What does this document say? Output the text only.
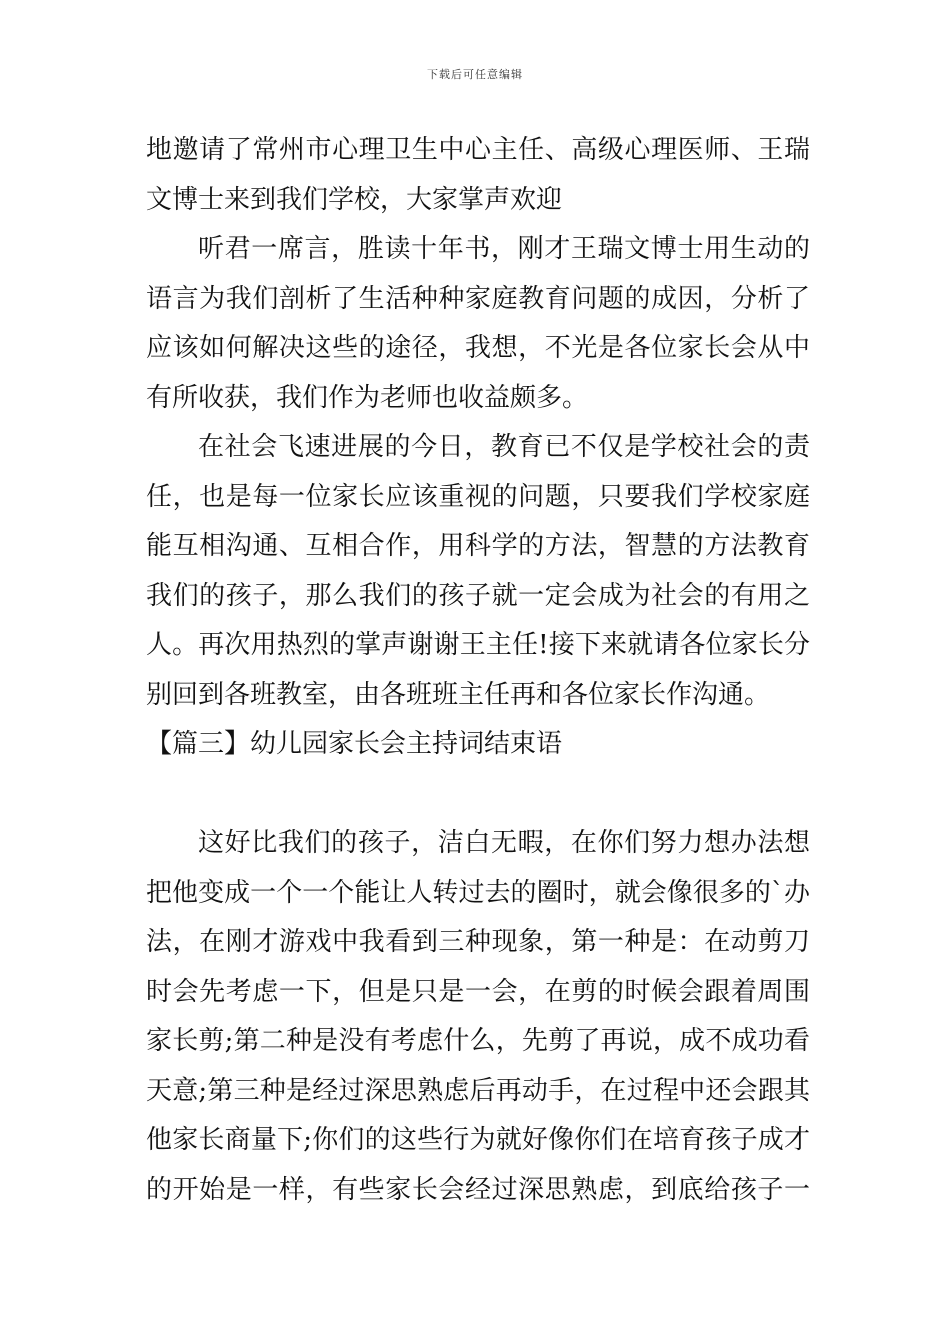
下载后可任意编辑
地邀请了常州市心理卫生中心主任、高级心理医师、王瑞
文博士来到我们学校，大家掌声欢迎
听君一席言，胜读十年书，刚才王瑞文博士用生动的
语言为我们剖析了生活种种家庭教育问题的成因，分析了
应该如何解决这些的途径，我想，不光是各位家长会从中
有所收获，我们作为老师也收益颇多。
在社会飞速进展的今日，教育已不仅是学校社会的责
任，也是每一位家长应该重视的问题，只要我们学校家庭
能互相沟通、互相合作，用科学的方法，智慧的方法教育
我们的孩子，那么我们的孩子就一定会成为社会的有用之
人。再次用热烈的掌声谢谢王主任!接下来就请各位家长分
别回到各班教室，由各班班主任再和各位家长作沟通。
【篇三】幼儿园家长会主持词结束语
这好比我们的孩子，洁白无暇，在你们努力想办法想
把他变成一个一个能让人转过去的圈时，就会像很多的`办
法，在刚才游戏中我看到三种现象，第一种是：在动剪刀
时会先考虑一下，但是只是一会，在剪的时候会跟着周围
家长剪;第二种是没有考虑什么，先剪了再说，成不成功看
天意;第三种是经过深思熟虑后再动手，在过程中还会跟其
他家长商量下;你们的这些行为就好像你们在培育孩子成才
的开始是一样，有些家长会经过深思熟虑，到底给孩子一
